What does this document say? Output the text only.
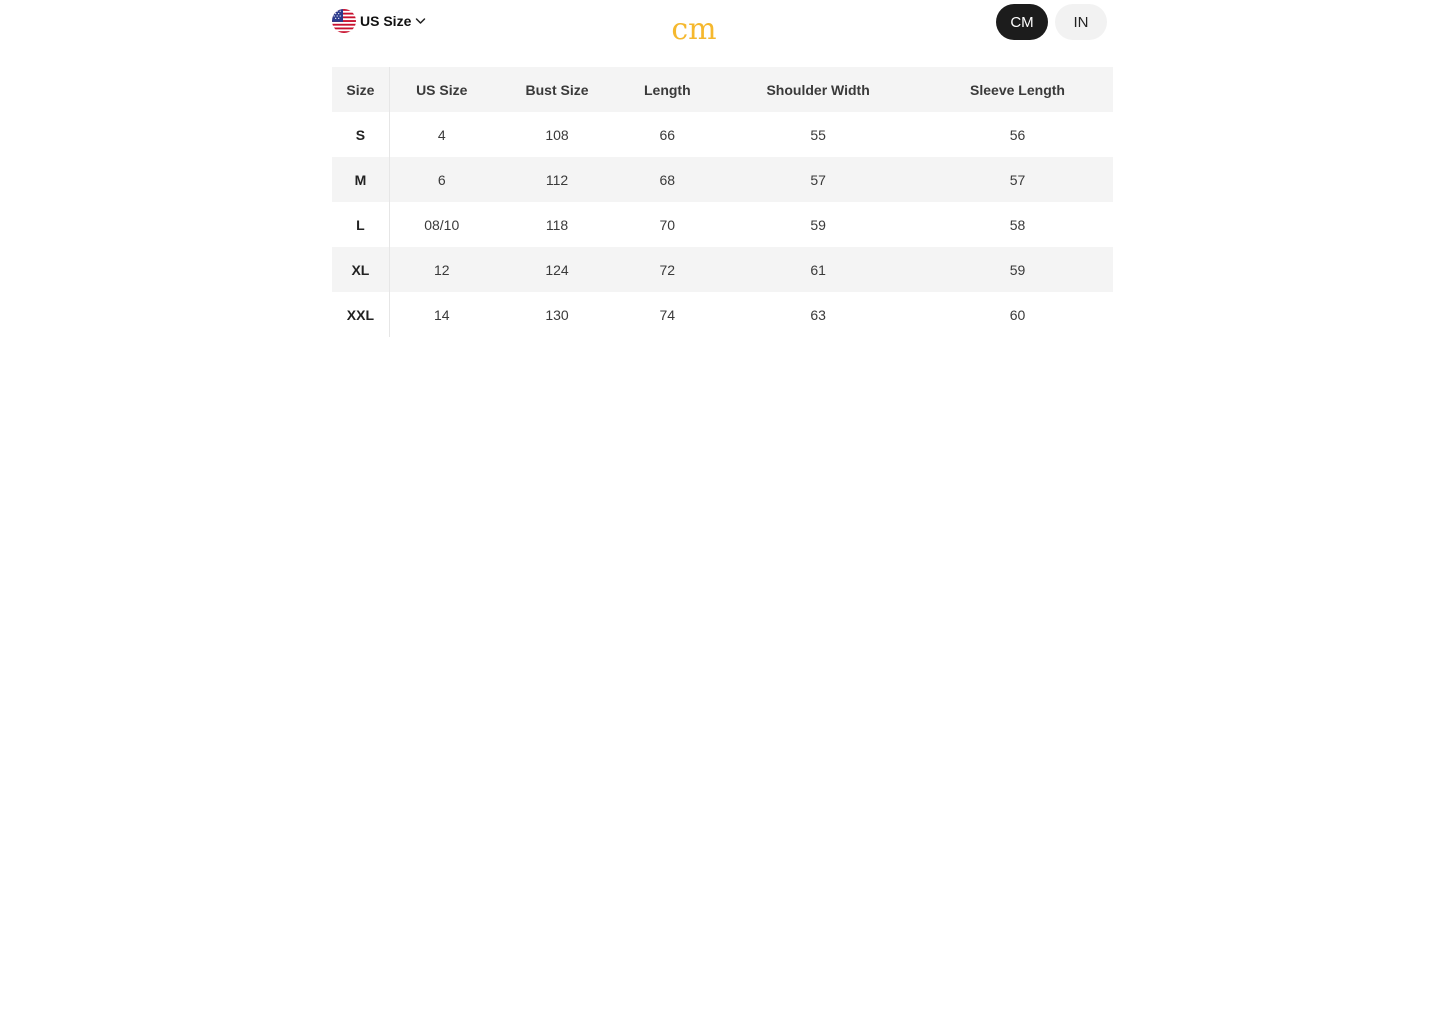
US Size	cm	CM	IN
Size	US Size	Bust Size	Length	Shoulder Width	Sleeve Length
S	4	108	66	55	56
M	6	112	68	57	57
L	08/10	118	70	59	58
XL	12	124	72	61	59
XXL	14	130	74	63	60
